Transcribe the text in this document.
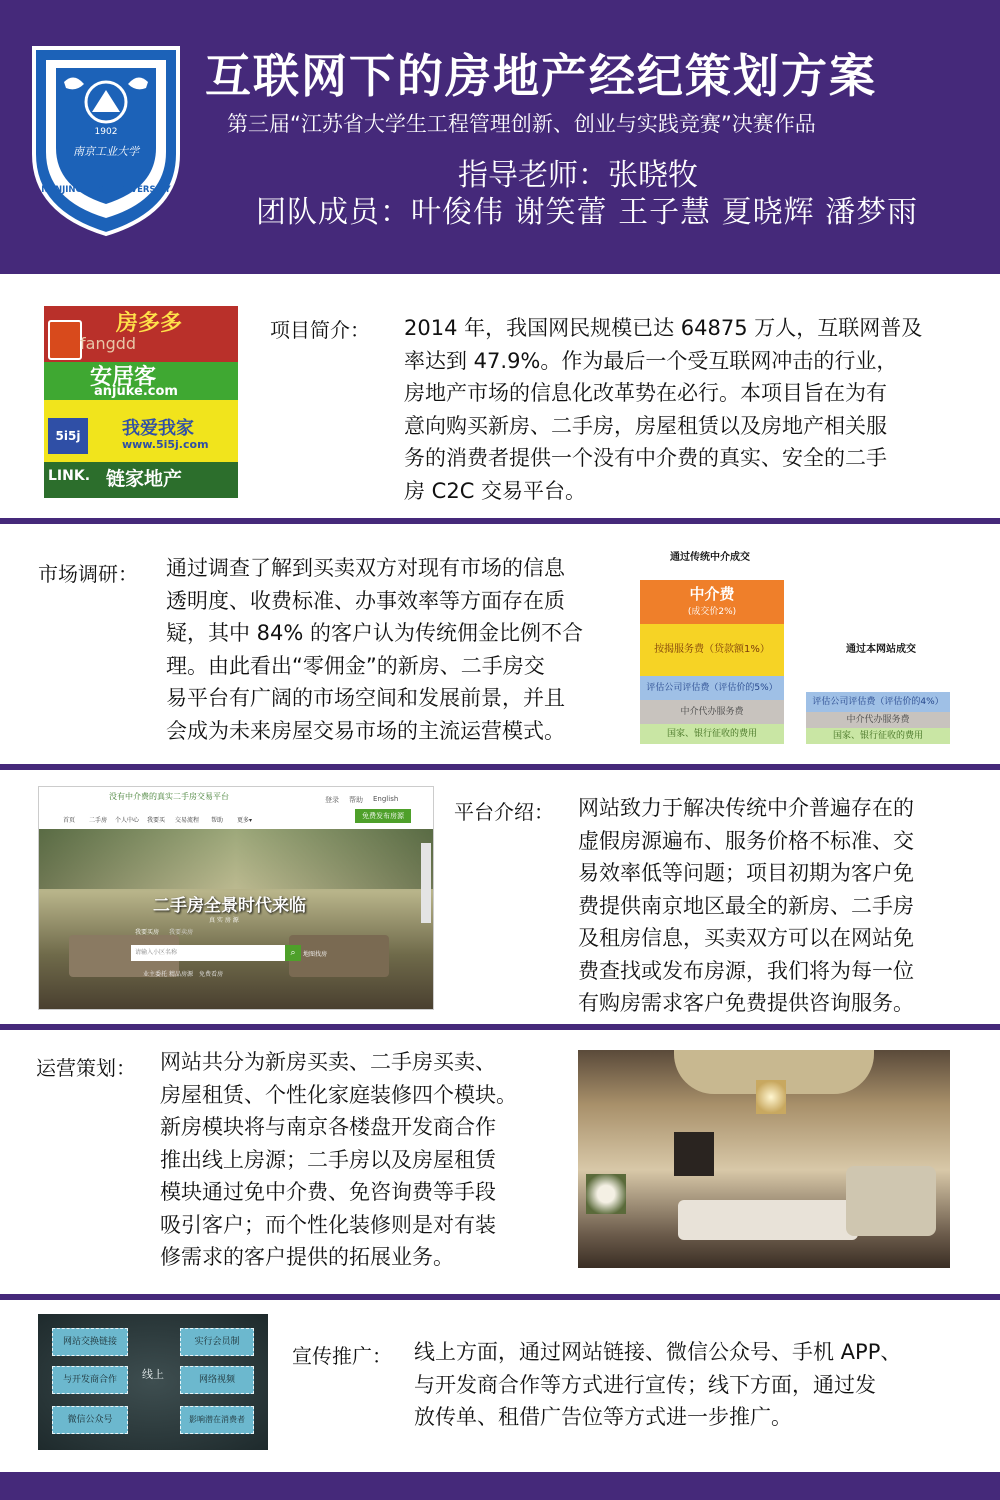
1902
南京工业大学
NANJING TECH UNIVERSITY
互联网下的房地产经纪策划方案
第三届“江苏省大学生工程管理创新、创业与实践竞赛”决赛作品
指导老师：张晓牧
团队成员：叶俊伟 谢笑蕾 王子慧 夏晓辉 潘梦雨
房多多
fangdd
安居客
anjuke.com
5i5j	我爱我家
www.5i5j.com
LINK. 链家地产
项目简介： 2014 年，我国网民规模已达 64875 万人，互联网普及
率达到 47.9%。作为最后一个受互联网冲击的行业，
房地产市场的信息化改革势在必行。本项目旨在为有
意向购买新房、二手房，房屋租赁以及房地产相关服
务的消费者提供一个没有中介费的真实、安全的二手
房 C2C 交易平台。
市场调研： 通过调查了解到买卖双方对现有市场的信息
透明度、收费标准、办事效率等方面存在质
疑，其中 84% 的客户认为传统佣金比例不合
理。由此看出“零佣金”的新房、二手房交
易平台有广阔的市场空间和发展前景，并且
会成为未来房屋交易市场的主流运营模式。
通过传统中介成交
中介费
(成交价2%)
按揭服务费（贷款额1%）
评估公司评估费（评估价的5%）
中介代办服务费
国家、银行征收的费用
通过本网站成交
评估公司评估费（评估价的4%）
中介代办服务费
国家、银行征收的费用
没有中介费的真实二手房交易平台	登录 帮助 English
免费发布房源
首页 二手房 个人中心 我要买 交易流程 帮助 更多▾
二手房全景时代来临
真 实 房 源
我要买房 我要卖房
请输入小区名称	⌕	地图找房
业主委托 精品房源 免费看房
平台介绍： 网站致力于解决传统中介普遍存在的
虚假房源遍布、服务价格不标准、交
易效率低等问题；项目初期为客户免
费提供南京地区最全的新房、二手房
及租房信息，买卖双方可以在网站免
费查找或发布房源，我们将为每一位
有购房需求客户免费提供咨询服务。
运营策划： 网站共分为新房买卖、二手房买卖、
房屋租赁、个性化家庭装修四个模块。
新房模块将与南京各楼盘开发商合作
推出线上房源；二手房以及房屋租赁
模块通过免中介费、免咨询费等手段
吸引客户；而个性化装修则是对有装
修需求的客户提供的拓展业务。
网站交换链接
与开发商合作
微信公众号
线上
实行会员制
网络视频
影响潜在消费者
宣传推广： 线上方面，通过网站链接、微信公众号、手机 APP、
与开发商合作等方式进行宣传；线下方面，通过发
放传单、租借广告位等方式进一步推广。
